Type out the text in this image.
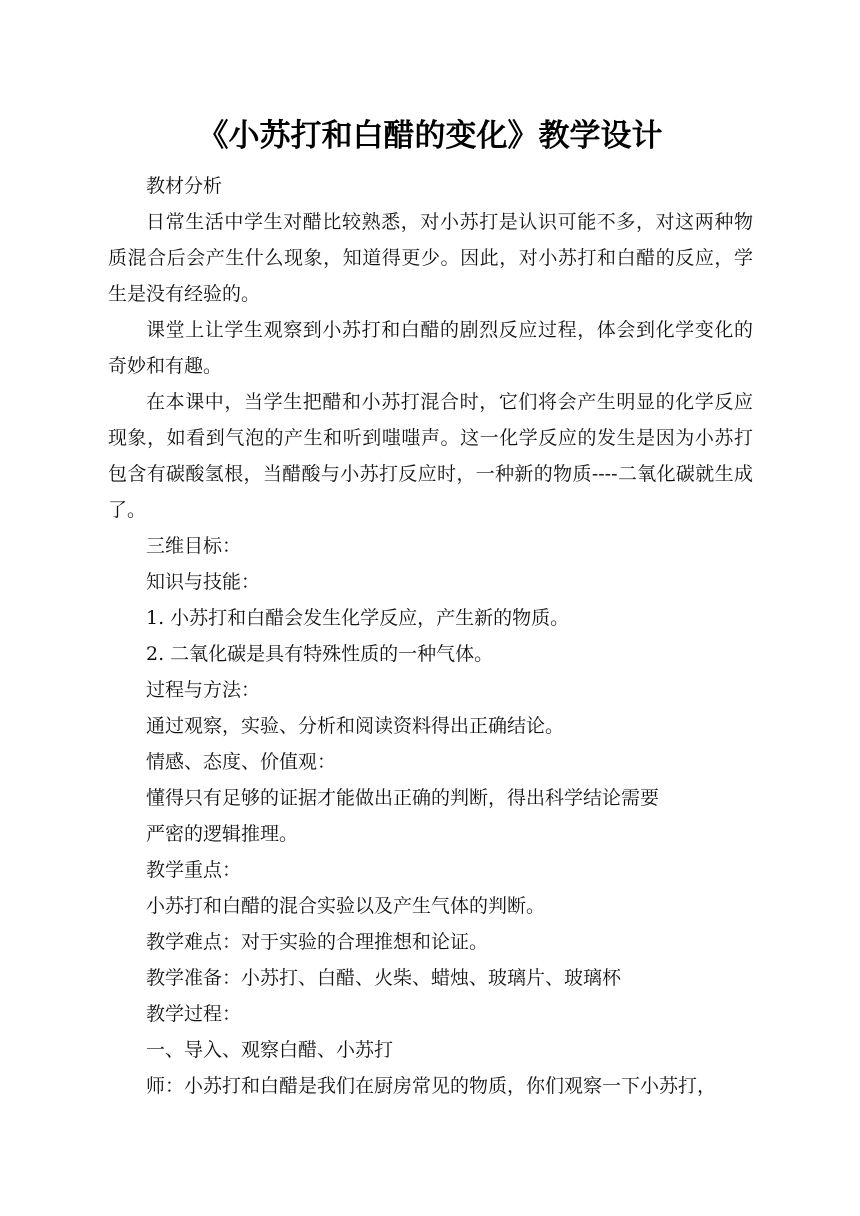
《小苏打和白醋的变化》教学设计

教材分析

日常生活中学生对醋比较熟悉，对小苏打是认识可能不多，对这两种物质混合后会产生什么现象，知道得更少。因此，对小苏打和白醋的反应，学生是没有经验的。

课堂上让学生观察到小苏打和白醋的剧烈反应过程，体会到化学变化的奇妙和有趣。

在本课中，当学生把醋和小苏打混合时，它们将会产生明显的化学反应现象，如看到气泡的产生和听到嗤嗤声。这一化学反应的发生是因为小苏打包含有碳酸氢根，当醋酸与小苏打反应时，一种新的物质----二氧化碳就生成了。

三维目标：

知识与技能：

1. 小苏打和白醋会发生化学反应，产生新的物质。

2. 二氧化碳是具有特殊性质的一种气体。

过程与方法：

通过观察，实验、分析和阅读资料得出正确结论。

情感、态度、价值观：

懂得只有足够的证据才能做出正确的判断，得出科学结论需要

严密的逻辑推理。

教学重点：

小苏打和白醋的混合实验以及产生气体的判断。

教学难点：对于实验的合理推想和论证。

教学准备：小苏打、白醋、火柴、蜡烛、玻璃片、玻璃杯

教学过程：

一、导入、观察白醋、小苏打

师：小苏打和白醋是我们在厨房常见的物质，你们观察一下小苏打，
